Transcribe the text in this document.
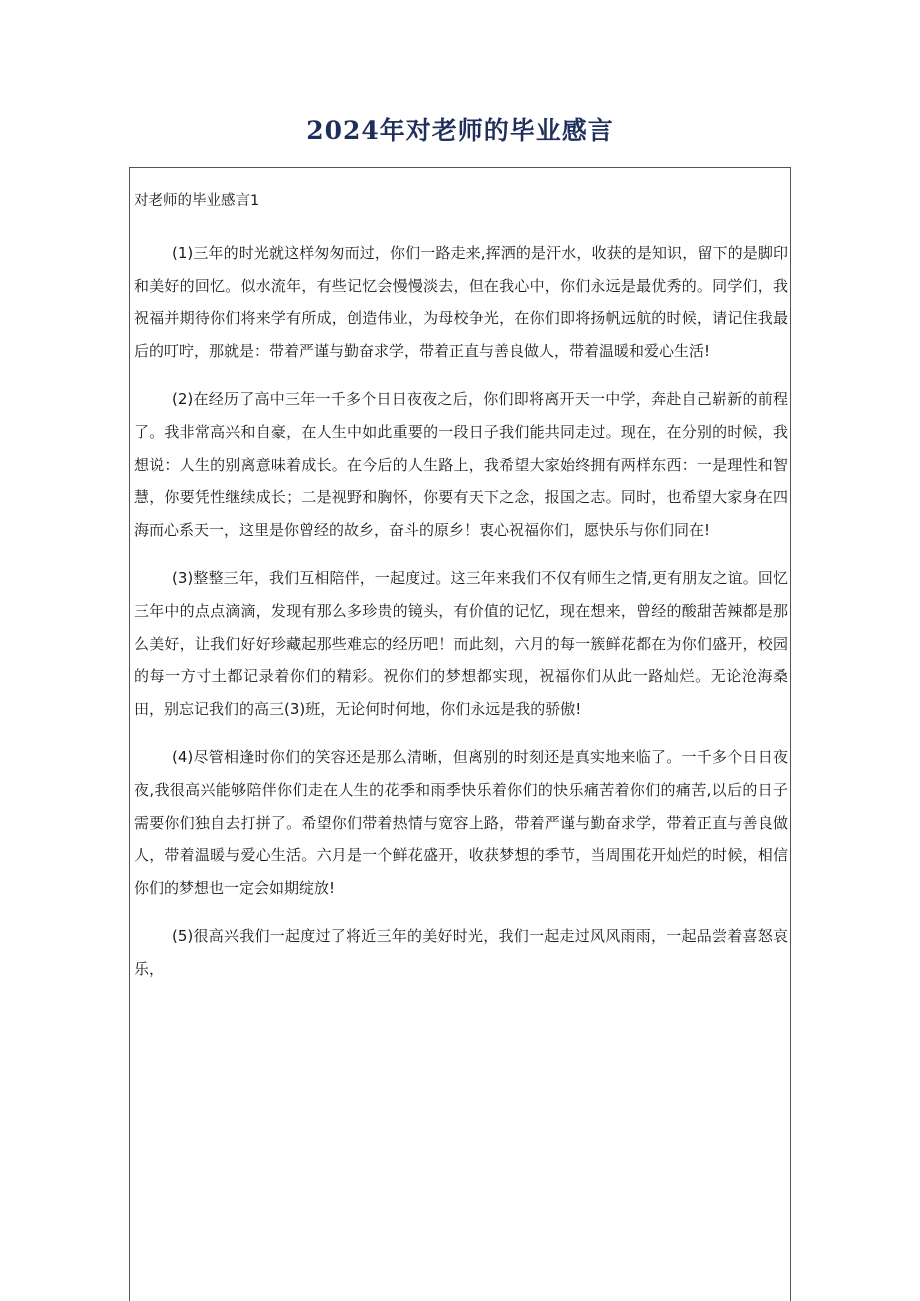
2024年对老师的毕业感言
对老师的毕业感言1

(1)三年的时光就这样匆匆而过，你们一路走来,挥洒的是汗水，收获的是知识，留下的是脚印和美好的回忆。似水流年，有些记忆会慢慢淡去，但在我心中，你们永远是最优秀的。同学们，我祝福并期待你们将来学有所成，创造伟业，为母校争光，在你们即将扬帆远航的时候，请记住我最后的叮咛，那就是：带着严谨与勤奋求学，带着正直与善良做人，带着温暖和爱心生活!

(2)在经历了高中三年一千多个日日夜夜之后，你们即将离开天一中学，奔赴自己崭新的前程了。我非常高兴和自豪，在人生中如此重要的一段日子我们能共同走过。现在，在分别的时候，我想说：人生的别离意味着成长。在今后的人生路上，我希望大家始终拥有两样东西：一是理性和智慧，你要凭性继续成长；二是视野和胸怀，你要有天下之念，报国之志。同时，也希望大家身在四海而心系天一，这里是你曾经的故乡，奋斗的原乡！衷心祝福你们，愿快乐与你们同在!

(3)整整三年，我们互相陪伴，一起度过。这三年来我们不仅有师生之情,更有朋友之谊。回忆三年中的点点滴滴，发现有那么多珍贵的镜头，有价值的记忆，现在想来，曾经的酸甜苦辣都是那么美好，让我们好好珍藏起那些难忘的经历吧！而此刻，六月的每一簇鲜花都在为你们盛开，校园的每一方寸土都记录着你们的精彩。祝你们的梦想都实现，祝福你们从此一路灿烂。无论沧海桑田，别忘记我们的高三(3)班，无论何时何地，你们永远是我的骄傲!

(4)尽管相逢时你们的笑容还是那么清晰，但离别的时刻还是真实地来临了。一千多个日日夜夜,我很高兴能够陪伴你们走在人生的花季和雨季快乐着你们的快乐痛苦着你们的痛苦,以后的日子需要你们独自去打拼了。希望你们带着热情与宽容上路，带着严谨与勤奋求学，带着正直与善良做人，带着温暖与爱心生活。六月是一个鲜花盛开，收获梦想的季节，当周围花开灿烂的时候，相信你们的梦想也一定会如期绽放!

(5)很高兴我们一起度过了将近三年的美好时光，我们一起走过风风雨雨，一起品尝着喜怒哀乐，
